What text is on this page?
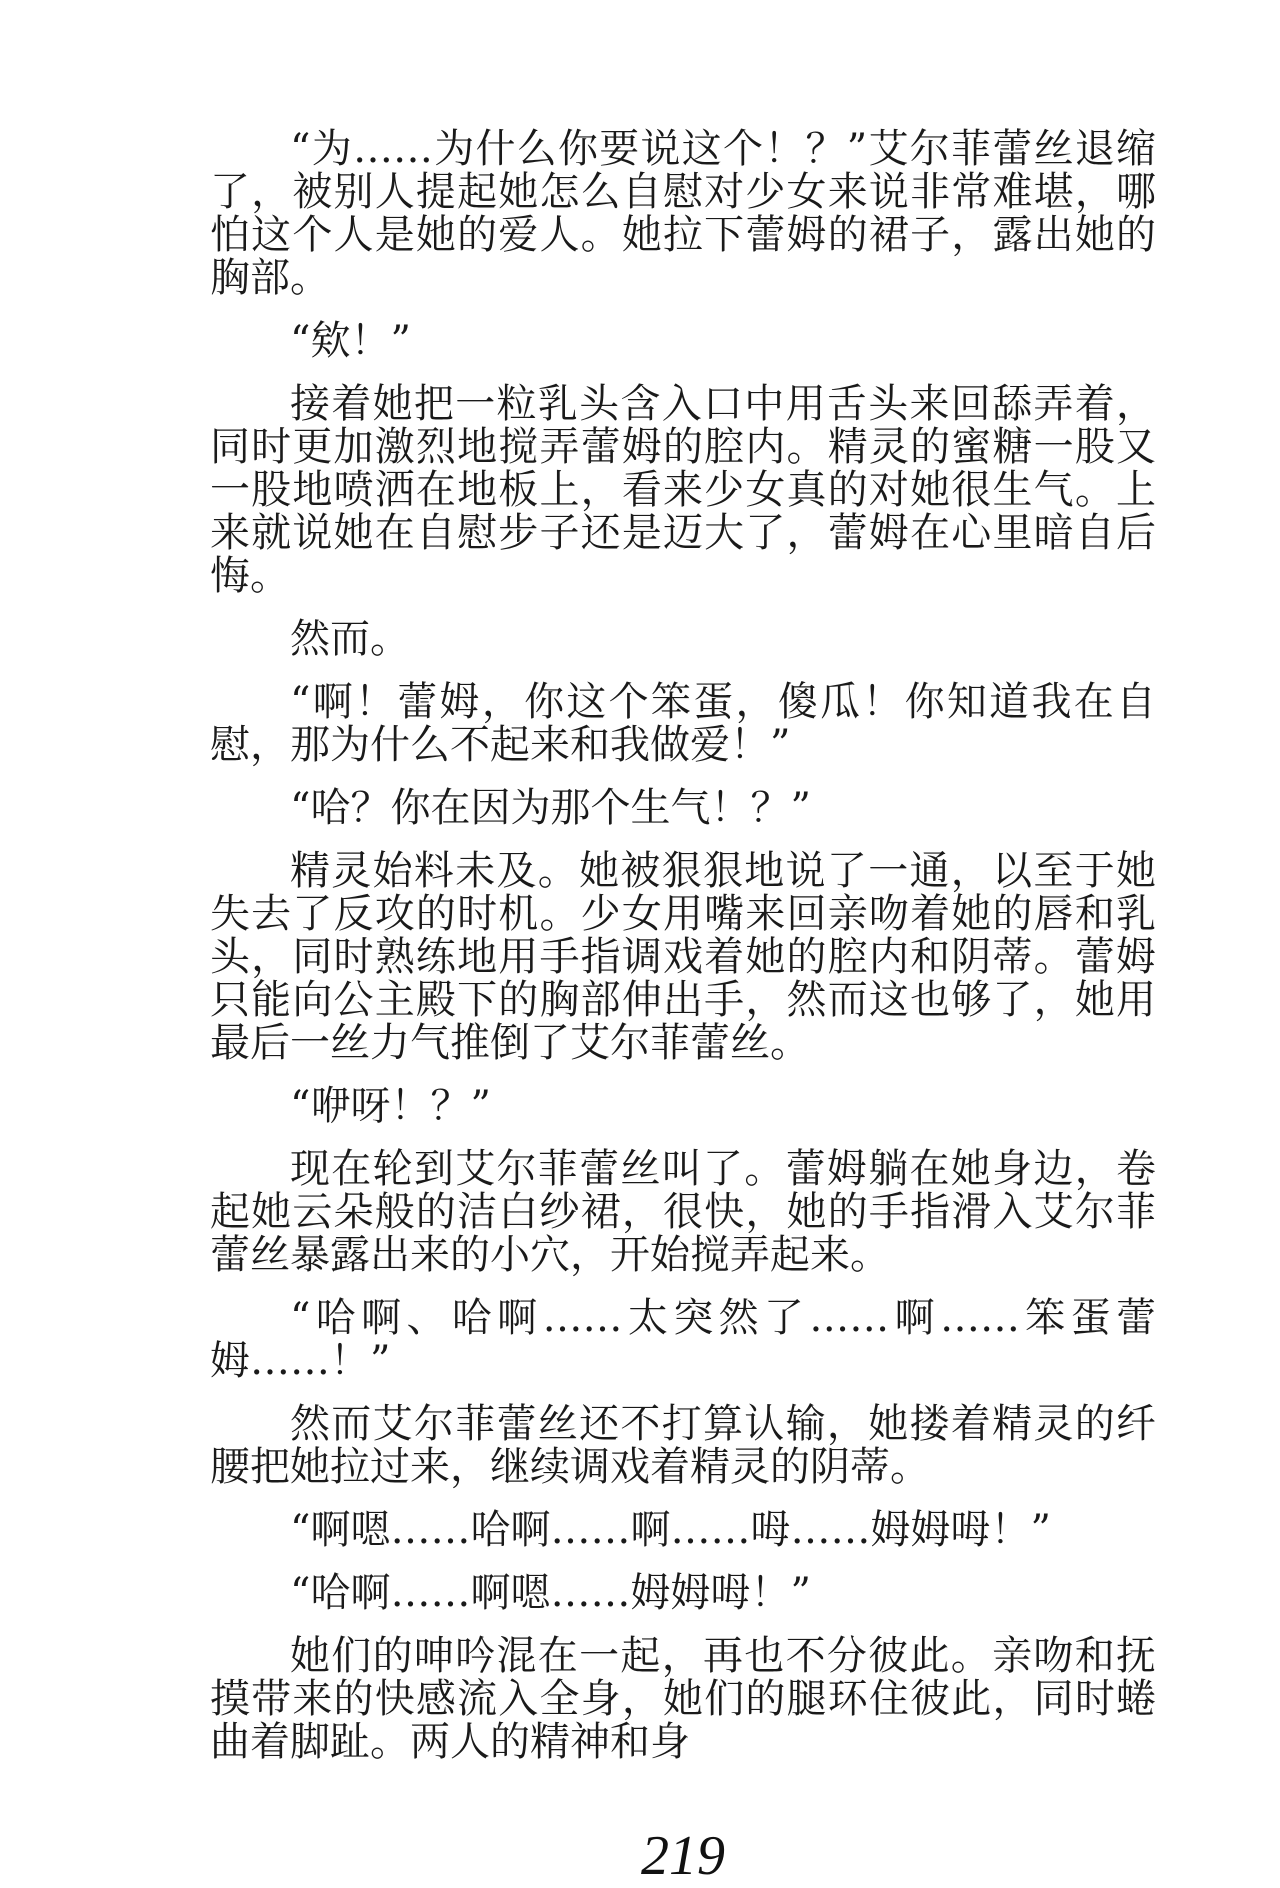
“为……为什么你要说这个！？”艾尔菲蕾丝退缩了，被别人提起她怎么自慰对少女来说非常难堪，哪怕这个人是她的爱人。她拉下蕾姆的裙子，露出她的胸部。

“欸！”

接着她把一粒乳头含入口中用舌头来回舔弄着，同时更加激烈地搅弄蕾姆的腔内。精灵的蜜糖一股又一股地喷洒在地板上，看来少女真的对她很生气。上来就说她在自慰步子还是迈大了，蕾姆在心里暗自后悔。

然而。

“啊！蕾姆，你这个笨蛋，傻瓜！你知道我在自慰，那为什么不起来和我做爱！”

“哈？你在因为那个生气！？”

精灵始料未及。她被狠狠地说了一通，以至于她失去了反攻的时机。少女用嘴来回亲吻着她的唇和乳头，同时熟练地用手指调戏着她的腔内和阴蒂。蕾姆只能向公主殿下的胸部伸出手，然而这也够了，她用最后一丝力气推倒了艾尔菲蕾丝。

“咿呀！？”

现在轮到艾尔菲蕾丝叫了。蕾姆躺在她身边，卷起她云朵般的洁白纱裙，很快，她的手指滑入艾尔菲蕾丝暴露出来的小穴，开始搅弄起来。

“哈啊、哈啊……太突然了……啊……笨蛋蕾姆……！”

然而艾尔菲蕾丝还不打算认输，她搂着精灵的纤腰把她拉过来，继续调戏着精灵的阴蒂。

“啊嗯……哈啊……啊……呣……姆姆呣！”

“哈啊……啊嗯……姆姆呣！”

她们的呻吟混在一起，再也不分彼此。亲吻和抚摸带来的快感流入全身，她们的腿环住彼此，同时蜷曲着脚趾。两人的精神和身

219
